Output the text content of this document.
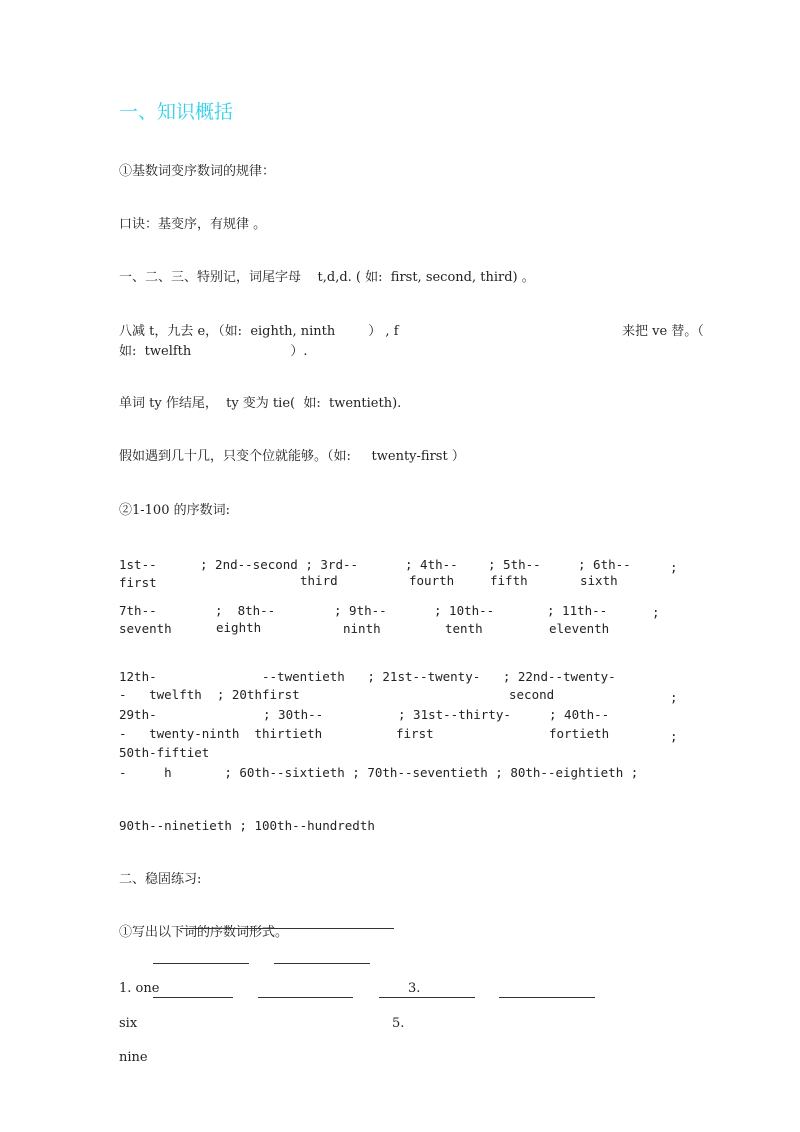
一、知识概括
①基数词变序数词的规律：
口诀：基变序，有规律 。
一、二、三、特别记，词尾字母    t,d,d. ( 如:  first, second, third) 。
八减 t，九去 e，（如:  eighth, ninth        ） , f	来把 ve 替。（
如:  twelfth                        ）.
单词 ty 作结尾，  ty 变为 tie(  如:  twentieth).
假如遇到几十几，只变个位就能够。（如:     twenty-first ）
②1-100 的序数词:
1st--
first
; 2nd--second ; 3rd--
third
; 4th--
fourth
; 5th--
fifth
; 6th--
sixth
;
7th--
seventh
;  8th--
eighth
; 9th--
ninth
; 10th--
tenth
; 11th--
eleventh
;
12th-	--twentieth   ; 21st--twenty-   ; 22nd--twenty-
-   twelfth  ; 20thfirst	second	;
29th-	; 30th--	; 31st--thirty-	; 40th--
-   twenty-ninth  thirtieth	first	fortieth	;
50th-fiftiet
-     h       ; 60th--sixtieth ; 70th--seventieth ; 80th--eightieth ;
90th--ninetieth ; 100th--hundredth
二、稳固练习:
①写出以下词的序数词形式。
1. one	3.
six	5.
nine
